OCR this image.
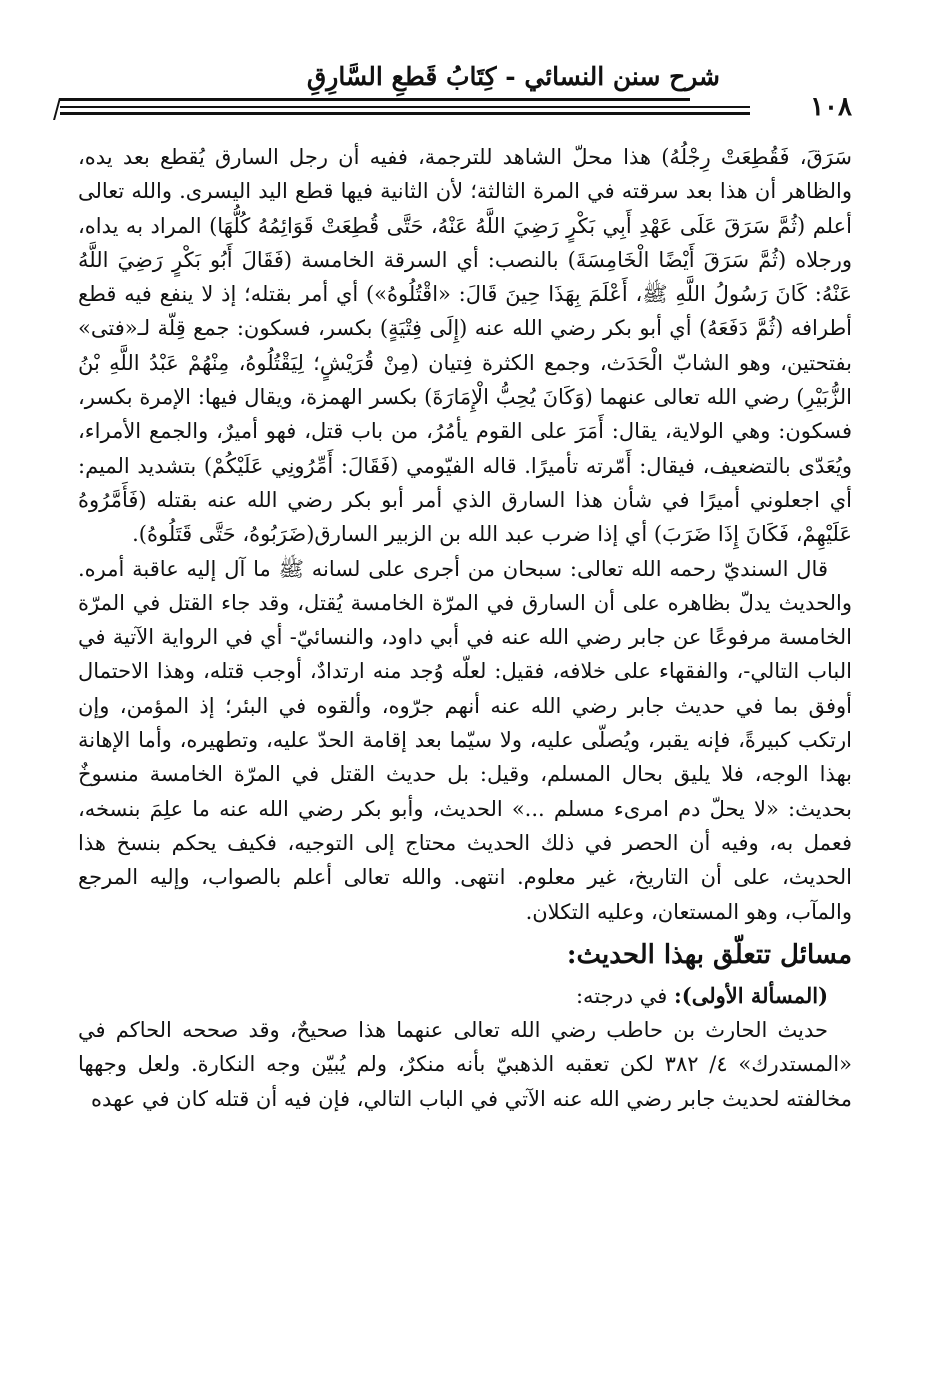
شرح سنن النسائي - كِتَابُ قَطعِ السَّارِقِ
١٠٨

سَرَقَ، فَقُطِعَتْ رِجْلُهُ) هذا محلّ الشاهد للترجمة، ففيه أن رجل السارق يُقطع بعد يده، والظاهر أن هذا بعد سرقته في المرة الثالثة؛ لأن الثانية فيها قطع اليد اليسرى. والله تعالى أعلم (ثُمَّ سَرَقَ عَلَى عَهْدِ أَبِي بَكْرٍ رَضِيَ اللَّهُ عَنْهُ، حَتَّى قُطِعَتْ قَوَائِمُهُ كُلُّهَا) المراد به يداه، ورجلاه (ثُمَّ سَرَقَ أَيْضًا الْخَامِسَةَ) بالنصب: أي السرقة الخامسة (فَقَالَ أَبُو بَكْرٍ رَضِيَ اللَّهُ عَنْهُ: كَانَ رَسُولُ اللَّهِ ﷺ، أَعْلَمَ بِهَذَا حِينَ قَالَ: «اقْتُلُوهُ») أي أمر بقتله؛ إذ لا ينفع فيه قطع أطرافه (ثُمَّ دَفَعَهُ) أي أبو بكر رضي الله عنه (إِلَى فِتْيَةٍ) بكسر، فسكون: جمع قِلّة لـ«فتى» بفتحتين، وهو الشابّ الْحَدَث، وجمع الكثرة فِتيان (مِنْ قُرَيْشٍ؛ لِيَقْتُلُوهُ، مِنْهُمْ عَبْدُ اللَّهِ بْنُ الزُّبَيْرِ) رضي الله تعالى عنهما (وَكَانَ يُحِبُّ الْإِمَارَةَ) بكسر الهمزة، ويقال فيها: الإمرة بكسر، فسكون: وهي الولاية، يقال: أَمَرَ على القوم يأمُرُ، من باب قتل، فهو أميرٌ، والجمع الأمراء، ويُعَدّى بالتضعيف، فيقال: أَمّرته تأميرًا. قاله الفيّومي (فَقَالَ: أَمِّرُونِي عَلَيْكُمْ) بتشديد الميم: أي اجعلوني أميرًا في شأن هذا السارق الذي أمر أبو بكر رضي الله عنه بقتله (فَأَمَّرُوهُ عَلَيْهِمْ، فَكَانَ إِذَا ضَرَبَ) أي إذا ضرب عبد الله بن الزبير السارق(ضَرَبُوهُ، حَتَّى قَتَلُوهُ).

قال السنديّ رحمه الله تعالى: سبحان من أجرى على لسانه ﷺ ما آل إليه عاقبة أمره. والحديث يدلّ بظاهره على أن السارق في المرّة الخامسة يُقتل، وقد جاء القتل في المرّة الخامسة مرفوعًا عن جابر رضي الله عنه في أبي داود، والنسائيّ- أي في الرواية الآتية في الباب التالي-، والفقهاء على خلافه، فقيل: لعلّه وُجد منه ارتدادٌ، أوجب قتله، وهذا الاحتمال أوفق بما في حديث جابر رضي الله عنه أنهم جرّوه، وألقوه في البئر؛ إذ المؤمن، وإن ارتكب كبيرةً، فإنه يقبر، ويُصلّى عليه، ولا سيّما بعد إقامة الحدّ عليه، وتطهيره، وأما الإهانة بهذا الوجه، فلا يليق بحال المسلم، وقيل: بل حديث القتل في المرّة الخامسة منسوخٌ بحديث: «لا يحلّ دم امرىء مسلم ...» الحديث، وأبو بكر رضي الله عنه ما علِمَ بنسخه، فعمل به، وفيه أن الحصر في ذلك الحديث محتاج إلى التوجيه، فكيف يحكم بنسخ هذا الحديث، على أن التاريخ، غير معلوم. انتهى. والله تعالى أعلم بالصواب، وإليه المرجع والمآب، وهو المستعان، وعليه التكلان.

مسائل تتعلّق بهذا الحديث:

(المسألة الأولى): في درجته:

حديث الحارث بن حاطب رضي الله تعالى عنهما هذا صحيحٌ، وقد صححه الحاكم في «المستدرك» ٤/ ٣٨٢ لكن تعقبه الذهبيّ بأنه منكرٌ، ولم يُبيّن وجه النكارة. ولعل وجهها مخالفته لحديث جابر رضي الله عنه الآتي في الباب التالي، فإن فيه أن قتله كان في عهده
